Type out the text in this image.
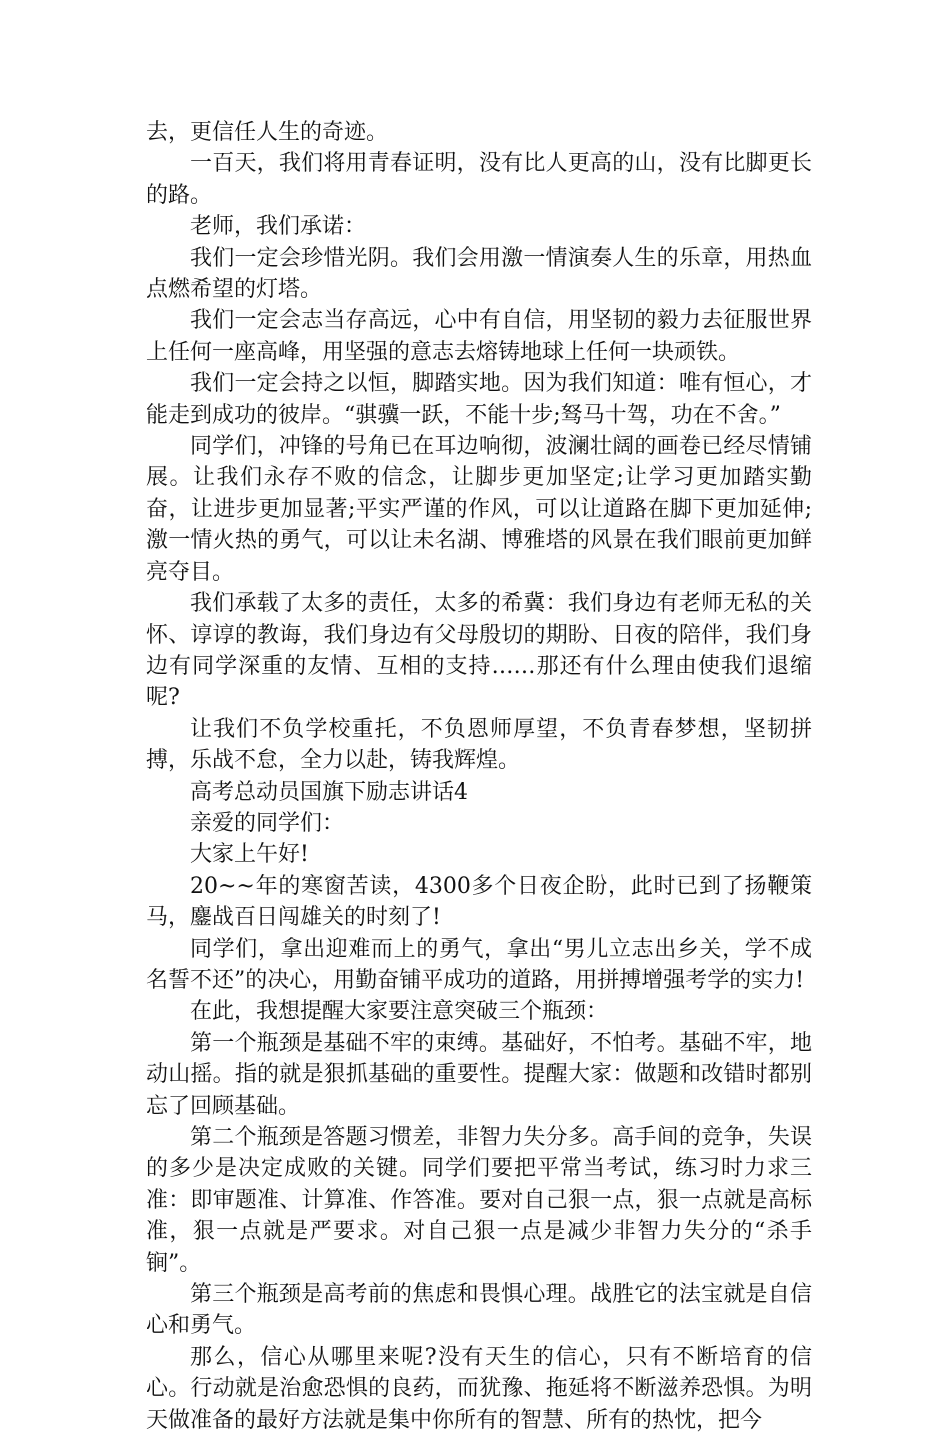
去，更信任人生的奇迹。

一百天，我们将用青春证明，没有比人更高的山，没有比脚更长的路。

老师，我们承诺：

我们一定会珍惜光阴。我们会用激一情演奏人生的乐章，用热血点燃希望的灯塔。

我们一定会志当存高远，心中有自信，用坚韧的毅力去征服世界上任何一座高峰，用坚强的意志去熔铸地球上任何一块顽铁。

我们一定会持之以恒，脚踏实地。因为我们知道：唯有恒心，才能走到成功的彼岸。“骐骥一跃，不能十步;驽马十驾，功在不舍。”

同学们，冲锋的号角已在耳边响彻，波澜壮阔的画卷已经尽情铺展。让我们永存不败的信念，让脚步更加坚定;让学习更加踏实勤奋，让进步更加显著;平实严谨的作风，可以让道路在脚下更加延伸;激一情火热的勇气，可以让未名湖、博雅塔的风景在我们眼前更加鲜亮夺目。

我们承载了太多的责任，太多的希冀：我们身边有老师无私的关怀、谆谆的教诲，我们身边有父母殷切的期盼、日夜的陪伴，我们身边有同学深重的友情、互相的支持……那还有什么理由使我们退缩呢?

让我们不负学校重托，不负恩师厚望，不负青春梦想，坚韧拼搏，乐战不怠，全力以赴，铸我辉煌。

高考总动员国旗下励志讲话4

亲爱的同学们：

大家上午好!

20~~年的寒窗苦读，4300多个日夜企盼，此时已到了扬鞭策马，鏖战百日闯雄关的时刻了!

同学们，拿出迎难而上的勇气，拿出“男儿立志出乡关，学不成名誓不还”的决心，用勤奋铺平成功的道路，用拼搏增强考学的实力!

在此，我想提醒大家要注意突破三个瓶颈：

第一个瓶颈是基础不牢的束缚。基础好，不怕考。基础不牢，地动山摇。指的就是狠抓基础的重要性。提醒大家：做题和改错时都别忘了回顾基础。

第二个瓶颈是答题习惯差，非智力失分多。高手间的竞争，失误的多少是决定成败的关键。同学们要把平常当考试，练习时力求三准：即审题准、计算准、作答准。要对自己狠一点，狠一点就是高标准，狠一点就是严要求。对自己狠一点是减少非智力失分的“杀手锏”。

第三个瓶颈是高考前的焦虑和畏惧心理。战胜它的法宝就是自信心和勇气。

那么，信心从哪里来呢?没有天生的信心，只有不断培育的信心。行动就是治愈恐惧的良药，而犹豫、拖延将不断滋养恐惧。为明天做准备的最好方法就是集中你所有的智慧、所有的热忱，把今
